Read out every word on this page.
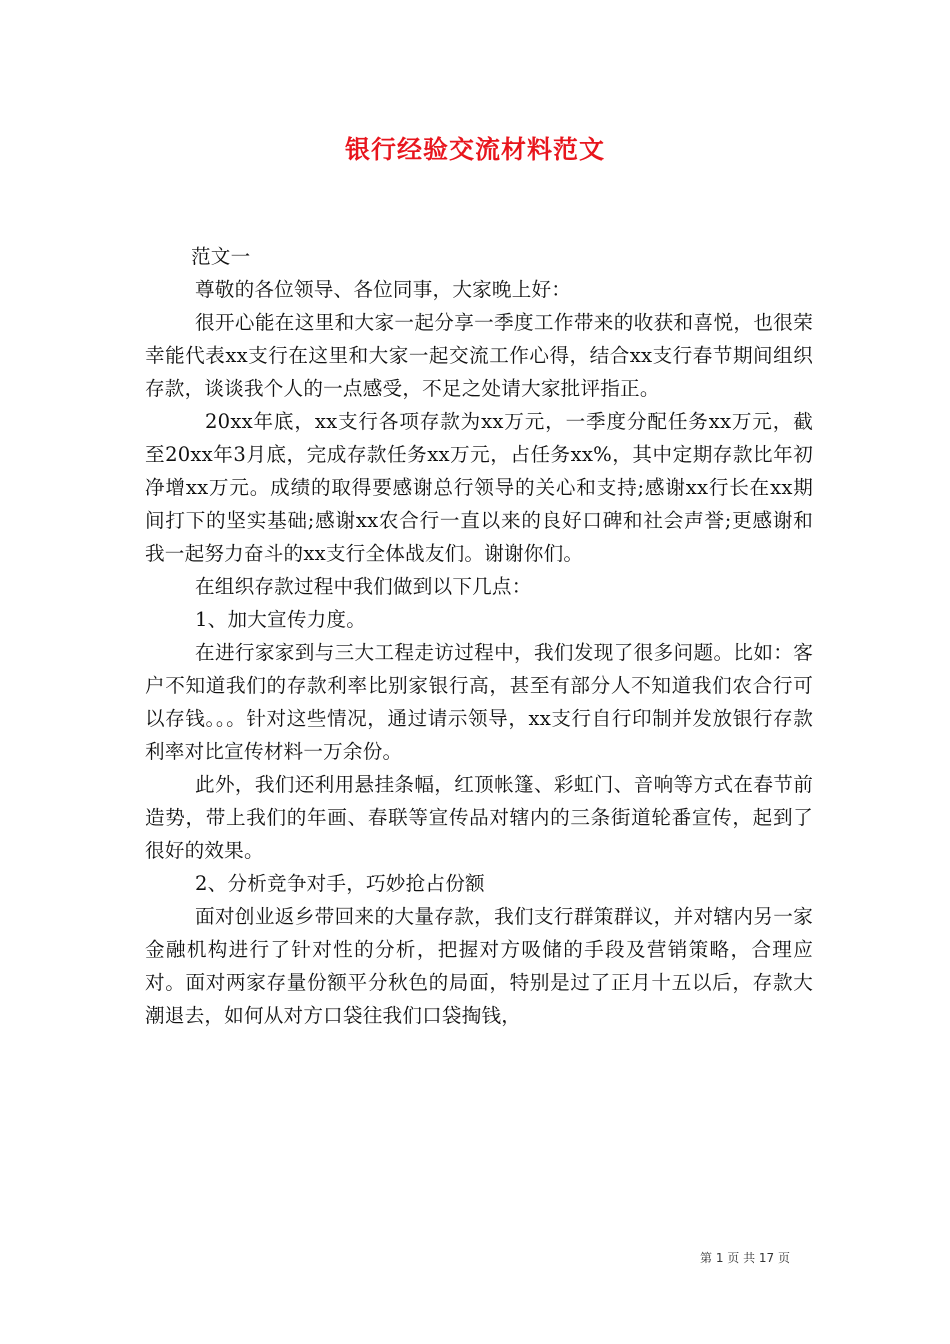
银行经验交流材料范文

范文一

尊敬的各位领导、各位同事，大家晚上好：

很开心能在这里和大家一起分享一季度工作带来的收获和喜悦，也很荣幸能代表xx支行在这里和大家一起交流工作心得，结合xx支行春节期间组织存款，谈谈我个人的一点感受，不足之处请大家批评指正。

20xx年底，xx支行各项存款为xx万元，一季度分配任务xx万元，截至20xx年3月底，完成存款任务xx万元，占任务xx%，其中定期存款比年初净增xx万元。成绩的取得要感谢总行领导的关心和支持;感谢xx行长在xx期间打下的坚实基础;感谢xx农合行一直以来的良好口碑和社会声誉;更感谢和我一起努力奋斗的xx支行全体战友们。谢谢你们。

在组织存款过程中我们做到以下几点：

1、加大宣传力度。

在进行家家到与三大工程走访过程中，我们发现了很多问题。比如：客户不知道我们的存款利率比别家银行高，甚至有部分人不知道我们农合行可以存钱。。。针对这些情况，通过请示领导，xx支行自行印制并发放银行存款利率对比宣传材料一万余份。

此外，我们还利用悬挂条幅，红顶帐篷、彩虹门、音响等方式在春节前造势，带上我们的年画、春联等宣传品对辖内的三条街道轮番宣传，起到了很好的效果。

2、分析竞争对手，巧妙抢占份额

面对创业返乡带回来的大量存款，我们支行群策群议，并对辖内另一家金融机构进行了针对性的分析，把握对方吸储的手段及营销策略，合理应对。面对两家存量份额平分秋色的局面，特别是过了正月十五以后，存款大潮退去，如何从对方口袋往我们口袋掏钱，

第 1 页 共 17 页
